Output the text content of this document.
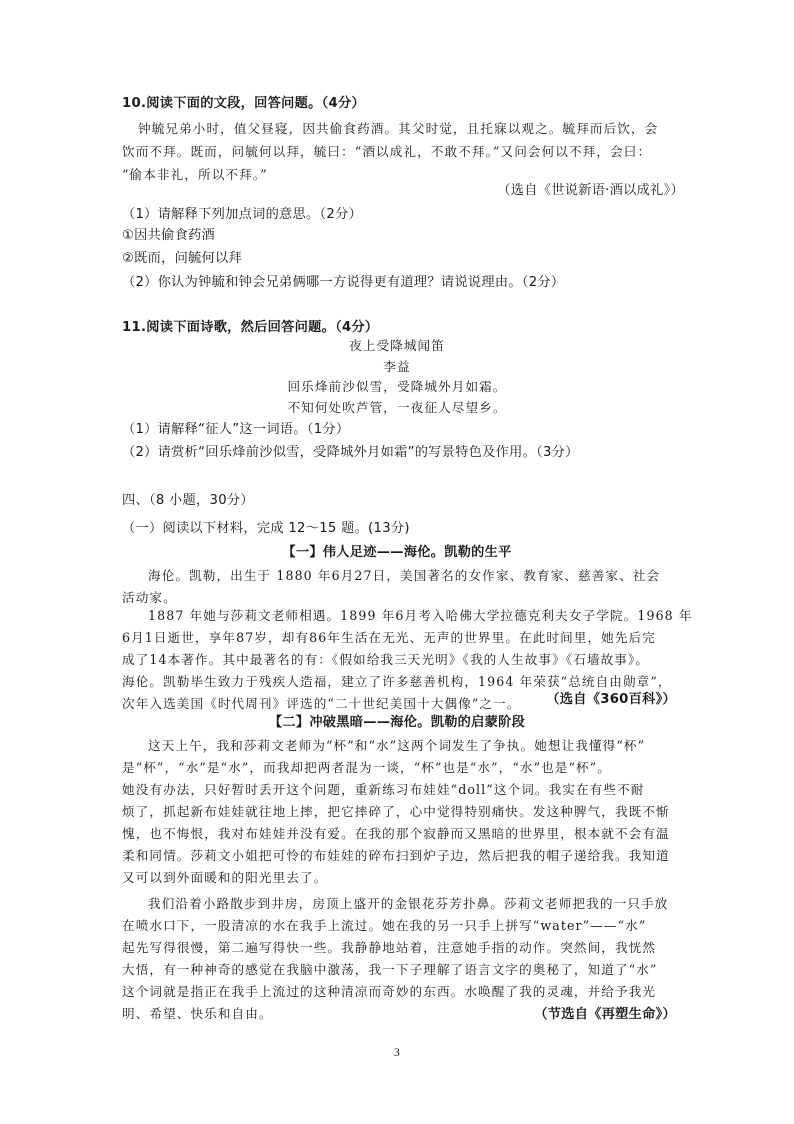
10.阅读下面的文段，回答问题。（4分）
钟毓兄弟小时，值父昼寝，因共偷食药酒。其父时觉，且托寐以观之。毓拜而后饮，会
饮而不拜。既而，问毓何以拜，毓曰：“酒以成礼，不敢不拜。”又问会何以不拜，会曰：
“偷本非礼，所以不拜。”
（选自《世说新语·酒以成礼》）
（1）请解释下列加点词的意思。（2分）
①因共偷食药酒
②既而，问毓何以拜
（2）你认为钟毓和钟会兄弟俩哪一方说得更有道理？请说说理由。（2分）
11.阅读下面诗歌，然后回答问题。（4分）
夜上受降城闻笛
李益
回乐烽前沙似雪，受降城外月如霜。
不知何处吹芦管，一夜征人尽望乡。
（1）请解释“征人”这一词语。（1分）
（2）请赏析“回乐烽前沙似雪，受降城外月如霜”的写景特色及作用。（3分）
四、（8 小题，30分）
（一）阅读以下材料，完成 12～15 题。(13分)
【一】伟人足迹——海伦。凯勒的生平
海伦。凯勒，出生于 1880 年6月27日，美国著名的女作家、教育家、慈善家、社会
活动家。
1887 年她与莎莉文老师相遇。1899 年6月考入哈佛大学拉德克利夫女子学院。1968 年
6月1日逝世，享年87岁，却有86年生活在无光、无声的世界里。在此时间里，她先后完
成了14本著作。其中最著名的有：《假如给我三天光明》《我的人生故事》《石墙故事》。
海伦。凯勒毕生致力于残疾人造福，建立了许多慈善机构，1964 年荣获“总统自由勋章”，
次年入选美国《时代周刊》评选的“二十世纪美国十大偶像”之一。 （选自《360百科》）
【二】冲破黑暗——海伦。凯勒的启蒙阶段
这天上午，我和莎莉文老师为“杯”和“水”这两个词发生了争执。她想让我懂得“杯”
是“杯”，“水”是“水”，而我却把两者混为一谈，“杯”也是“水”，“水”也是“杯”。
她没有办法，只好暂时丢开这个问题，重新练习布娃娃“doll”这个词。我实在有些不耐
烦了，抓起新布娃娃就往地上摔，把它摔碎了，心中觉得特别痛快。发这种脾气，我既不惭
愧，也不悔恨，我对布娃娃并没有爱。在我的那个寂静而又黑暗的世界里，根本就不会有温
柔和同情。莎莉文小姐把可怜的布娃娃的碎布扫到炉子边，然后把我的帽子递给我。我知道
又可以到外面暖和的阳光里去了。
我们沿着小路散步到井房，房顶上盛开的金银花芬芳扑鼻。莎莉文老师把我的一只手放
在喷水口下，一股清凉的水在我手上流过。她在我的另一只手上拼写“water”——“水”
起先写得很慢，第二遍写得快一些。我静静地站着，注意她手指的动作。突然间，我恍然
大悟，有一种神奇的感觉在我脑中激荡，我一下子理解了语言文字的奥秘了，知道了“水”
这个词就是指正在我手上流过的这种清凉而奇妙的东西。水唤醒了我的灵魂，并给予我光
明、希望、快乐和自由。	（节选自《再塑生命》）
3
